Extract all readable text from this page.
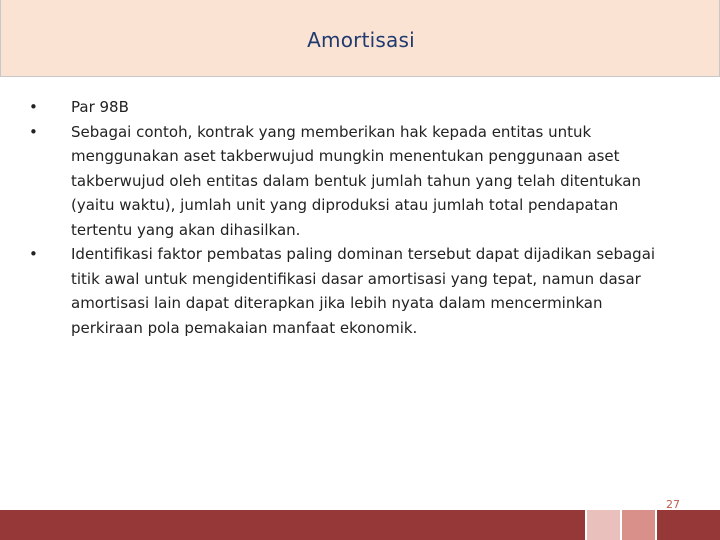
Amortisasi
• Par 98B
• Sebagai contoh, kontrak yang memberikan hak kepada entitas untuk menggunakan aset takberwujud mungkin menentukan penggunaan aset takberwujud oleh entitas dalam bentuk jumlah tahun yang telah ditentukan (yaitu waktu), jumlah unit yang diproduksi atau jumlah total pendapatan tertentu yang akan dihasilkan.
• Identifikasi faktor pembatas paling dominan tersebut dapat dijadikan sebagai titik awal untuk mengidentifikasi dasar amortisasi yang tepat, namun dasar amortisasi lain dapat diterapkan jika lebih nyata dalam mencerminkan perkiraan pola pemakaian manfaat ekonomik.
27
